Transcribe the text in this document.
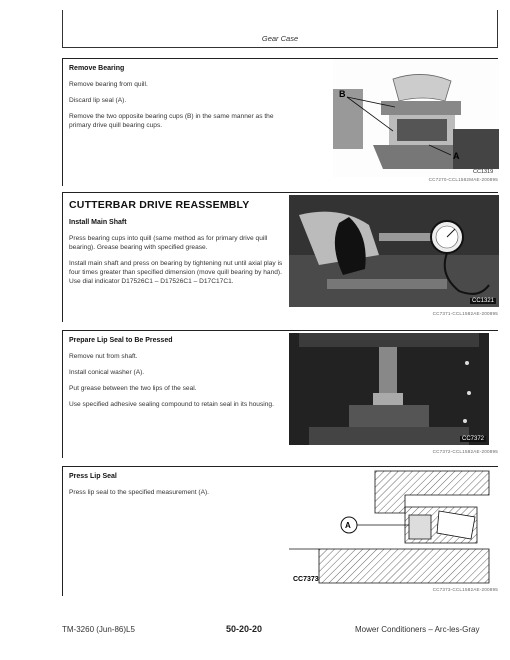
Gear Case
Remove Bearing

Remove bearing from quill.

Discard lip seal (A).

Remove the two opposite bearing cups (B) in the same manner as the primary drive quill bearing cups.

B
A
CC1319
CC7270-CCL1582MAE-200895
CUTTERBAR DRIVE REASSEMBLY
Install Main Shaft

Press bearing cups into quill (same method as for primary drive quill bearing). Grease bearing with specified grease.

Install main shaft and press on bearing by tightening nut until axial play is four times greater than specified dimension (move quill bearing by hand). Use dial indicator D17526C1 – D17526C1 – D17C17C1.

CC1321
CC7371-CCL1582AE-200895
Prepare Lip Seal to Be Pressed

Remove nut from shaft.

Install conical washer (A).

Put grease between the two lips of the seal.

Use specified adhesive sealing compound to retain seal in its housing.

CC7372
CC7372-CCL1582AE-200895
Press Lip Seal

Press lip seal to the specified measurement (A).

A
CC7373
CC7373-CCL1582AE-200895
TM-3260 (Jun-86)L5	50-20-20	Mower Conditioners – Arc-les-Gray
